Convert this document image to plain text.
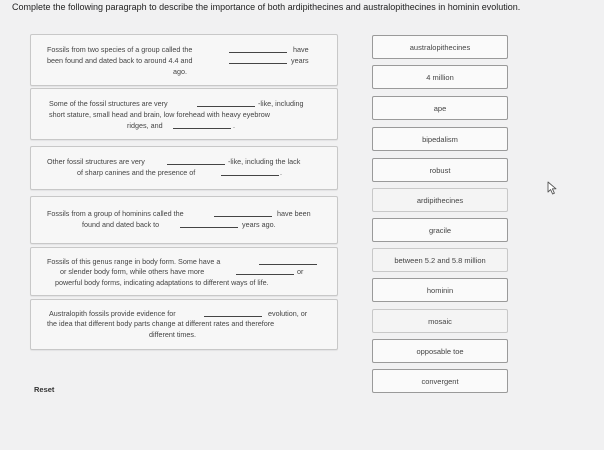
Complete the following paragraph to describe the importance of both ardipithecines and australopithecines in hominin evolution.
Fossils from two species of a group called the	have
been found and dated back to around 4.4 and	years
ago.
Some of the fossil structures are very	-like, including
short stature, small head and brain, low forehead with heavy eyebrow
ridges, and	.
Other fossil structures are very	-like, including the lack
of sharp canines and the presence of	.
Fossils from a group of hominins called the	have been
found and dated back to	years ago.
Fossils of this genus range in body form. Some have a
or slender body form, while others have more	or
powerful body forms, indicating adaptations to different ways of life.
Australopith fossils provide evidence for	evolution, or
the idea that different body parts change at different rates and therefore
different times.
australopithecines
4 million
ape
bipedalism
robust
ardipithecines
gracile
between 5.2 and 5.8 million
hominin
mosaic
opposable toe
convergent
Reset
